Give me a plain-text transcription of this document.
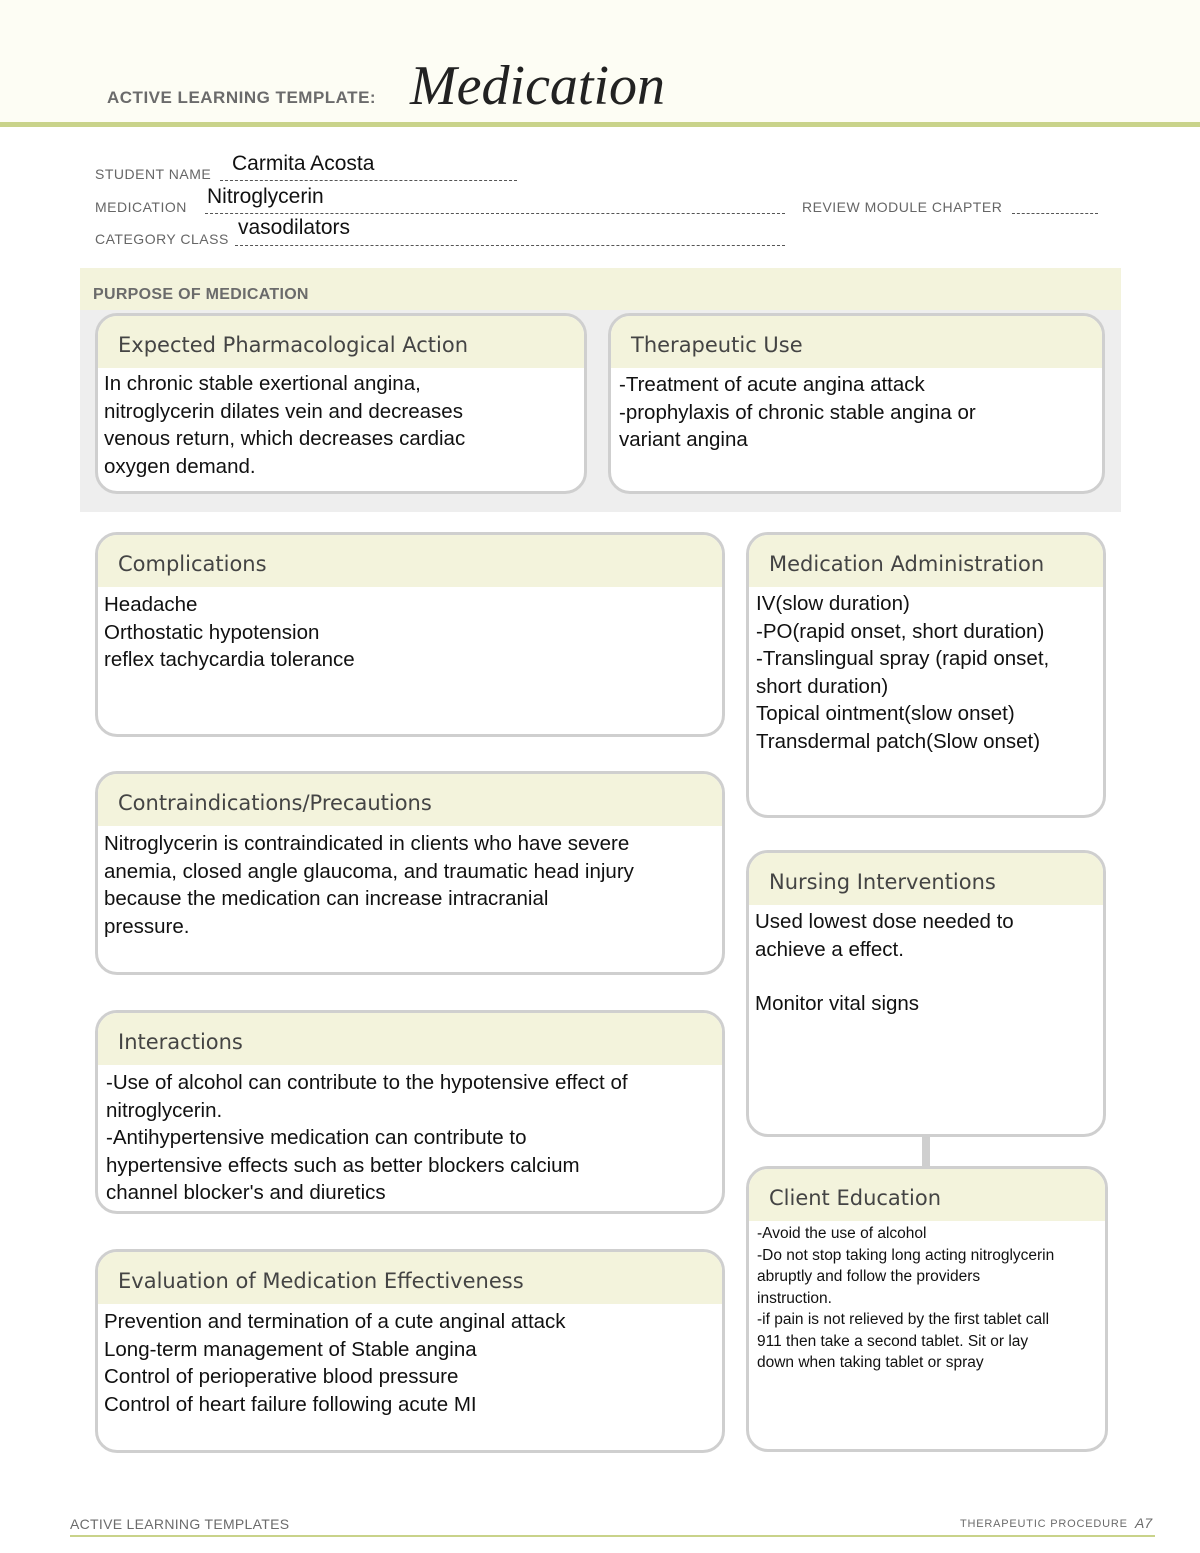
ACTIVE LEARNING TEMPLATE: Medication
STUDENT NAME Carmita Acosta
MEDICATION Nitroglycerin	REVIEW MODULE CHAPTER
CATEGORY CLASS vasodilators
PURPOSE OF MEDICATION
Expected Pharmacological Action

In chronic stable exertional angina,

nitroglycerin dilates vein and decreases

venous return, which decreases cardiac

oxygen demand.

Therapeutic Use

-Treatment of acute angina attack

-prophylaxis of chronic stable angina or

variant angina

Complications

Headache

Orthostatic hypotension

reflex tachycardia tolerance

Contraindications/Precautions

Nitroglycerin is contraindicated in clients who have severe

anemia, closed angle glaucoma, and traumatic head injury

because the medication can increase intracranial

pressure.

Interactions

-Use of alcohol can contribute to the hypotensive effect of

nitroglycerin.

-Antihypertensive medication can contribute to

hypertensive effects such as better blockers calcium

channel blocker's and diuretics

Evaluation of Medication Effectiveness

Prevention and termination of a cute anginal attack

Long-term management of Stable angina

Control of perioperative blood pressure

Control of heart failure following acute MI

Medication Administration

IV(slow duration)

-PO(rapid onset, short duration)

-Translingual spray (rapid onset,

short duration)

Topical ointment(slow onset)

Transdermal patch(Slow onset)

Nursing Interventions

Used lowest dose needed to

achieve a effect.

Monitor vital signs

Client Education

-Avoid the use of alcohol

-Do not stop taking long acting nitroglycerin

abruptly and follow the providers

instruction.

-if pain is not relieved by the first tablet call

911 then take a second tablet. Sit or lay

down when taking tablet or spray

ACTIVE LEARNING TEMPLATES	THERAPEUTIC PROCEDURE A7
